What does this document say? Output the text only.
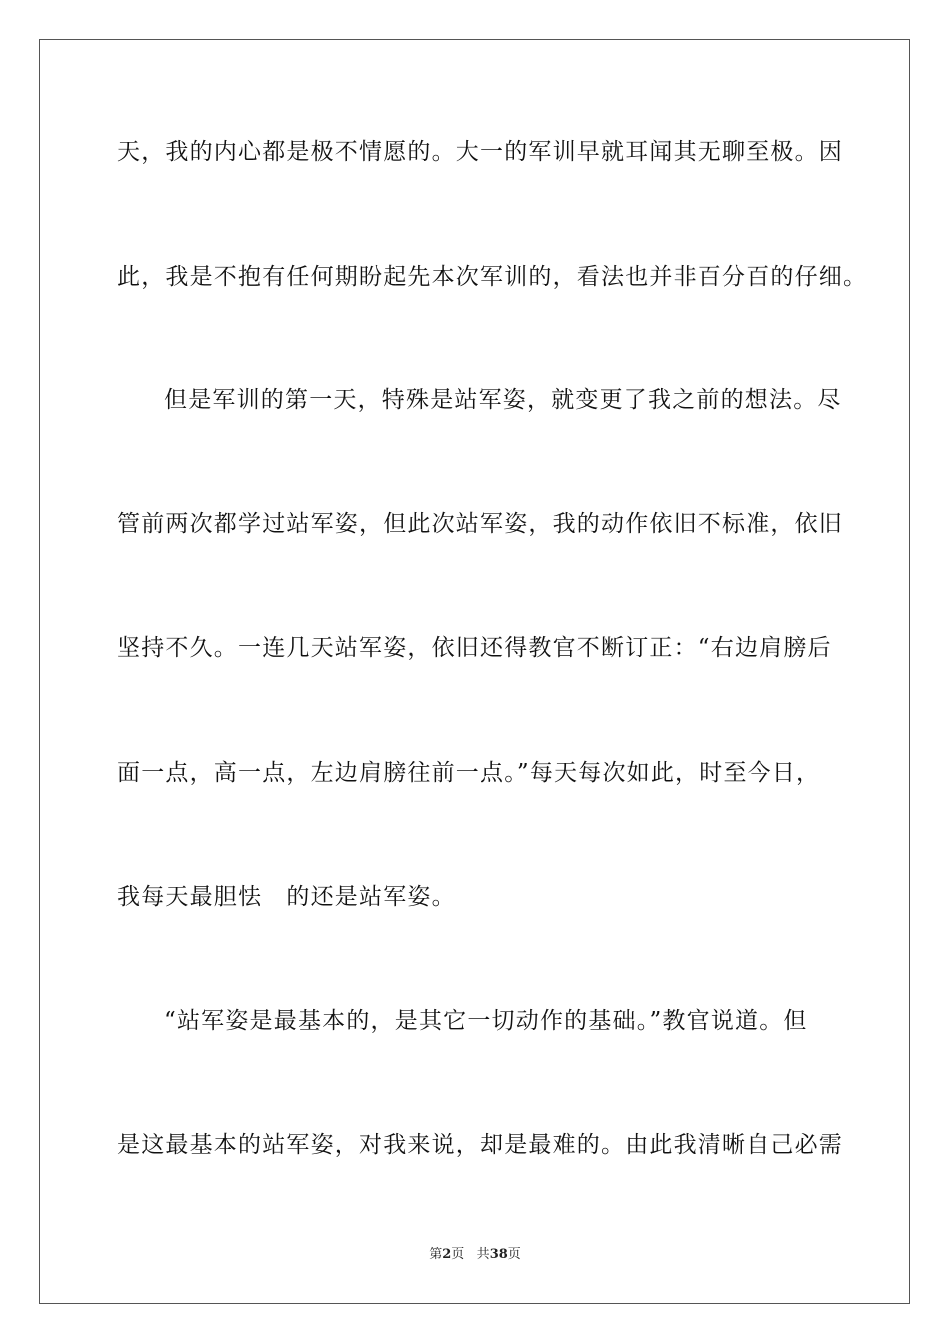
天，我的内心都是极不情愿的。大一的军训早就耳闻其无聊至极。因
此，我是不抱有任何期盼起先本次军训的，看法也并非百分百的仔细。
但是军训的第一天，特殊是站军姿，就变更了我之前的想法。尽
管前两次都学过站军姿，但此次站军姿，我的动作依旧不标准，依旧
坚持不久。一连几天站军姿，依旧还得教官不断订正：“右边肩膀后
面一点，高一点，左边肩膀往前一点。”每天每次如此，时至今日，
我每天最胆怯　的还是站军姿。
“站军姿是最基本的，是其它一切动作的基础。”教官说道。但
是这最基本的站军姿，对我来说，却是最难的。由此我清晰自己必需
第2页 共38页
